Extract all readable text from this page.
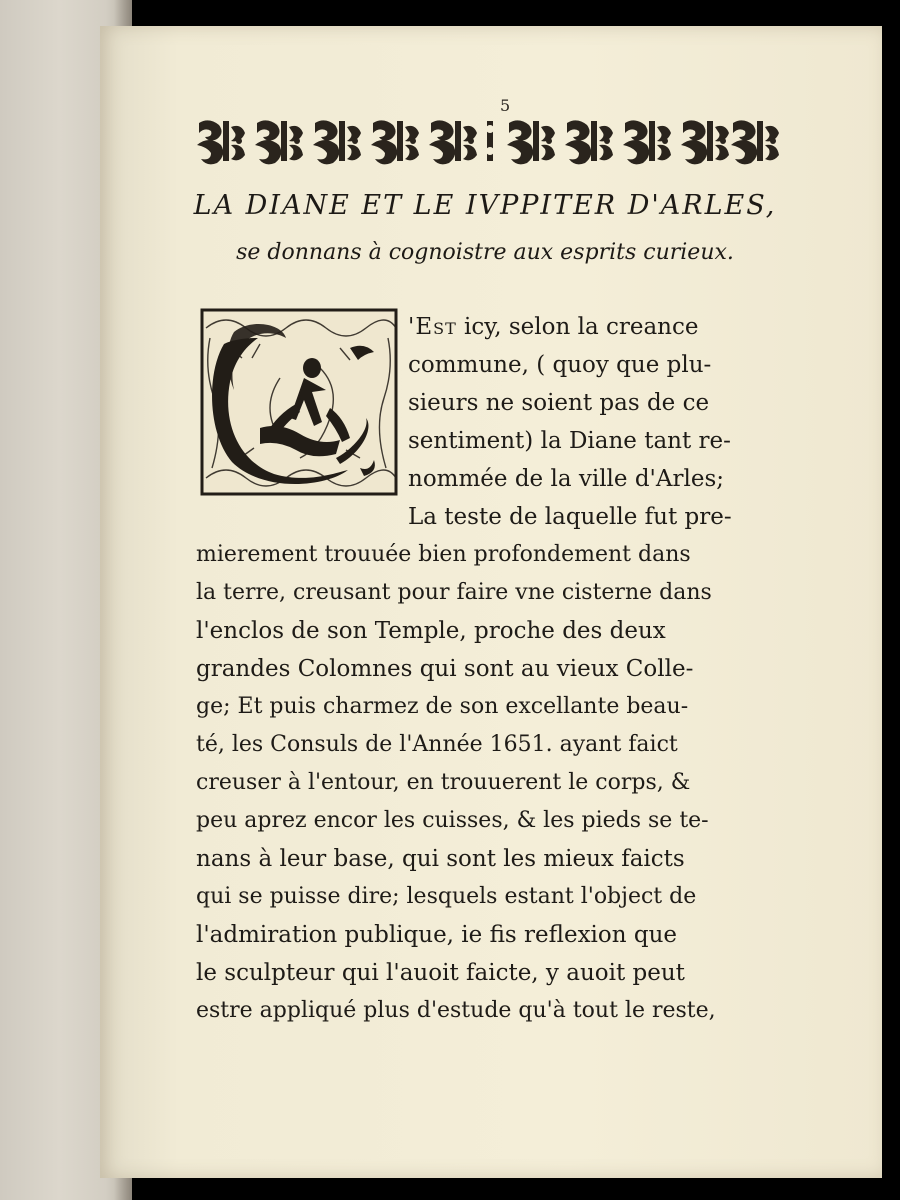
5
LA DIANE ET LE IVPPITER D'ARLES,
se donnans à cognoistre aux esprits curieux.
'Est icy, selon la creance
commune, ( quoy que plu-
sieurs ne soient pas de ce
sentiment) la Diane tant re-
nommée de la ville d'Arles;
La teste de laquelle fut pre-
mierement trouuée bien profondement dans
la terre, creusant pour faire vne cisterne dans
l'enclos de son Temple, proche des deux
grandes Colomnes qui sont au vieux Colle-
ge; Et puis charmez de son excellante beau-
té, les Consuls de l'Année 1651. ayant faict
creuser à l'entour, en trouuerent le corps, &
peu aprez encor les cuisses, & les pieds se te-
nans à leur base, qui sont les mieux faicts
qui se puisse dire; lesquels estant l'object de
l'admiration publique, ie fis reflexion que
le sculpteur qui l'auoit faicte, y auoit peut
estre appliqué plus d'estude qu'à tout le reste,
